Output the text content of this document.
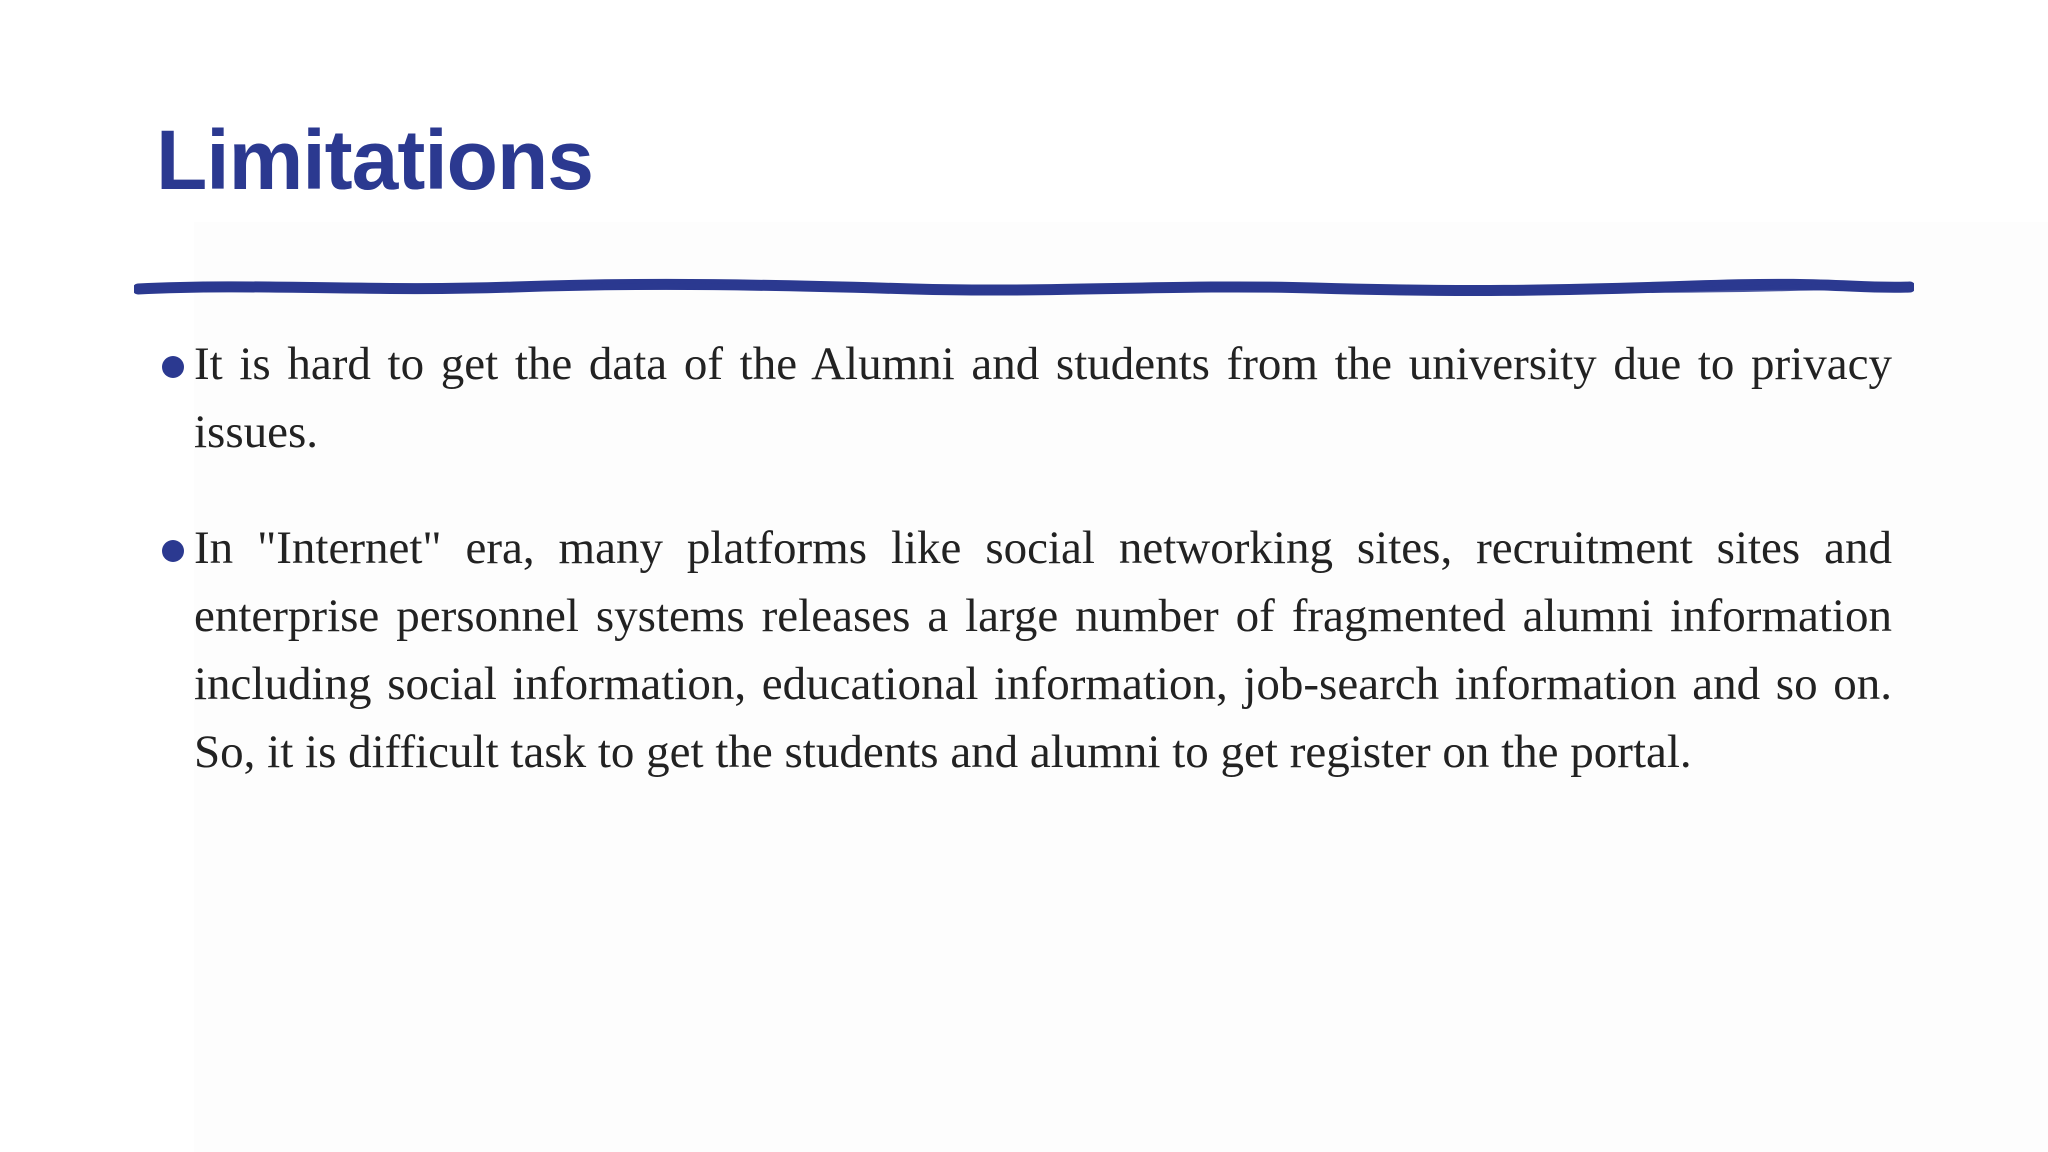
Limitations
It is hard to get the data of the Alumni and students from the university due to privacy issues.
In "Internet" era, many platforms like social networking sites, recruitment sites and enterprise personnel systems releases a large number of fragmented alumni information including social information, educational information, job-search information and so on. So, it is difficult task to get the students and alumni to get register on the portal.
